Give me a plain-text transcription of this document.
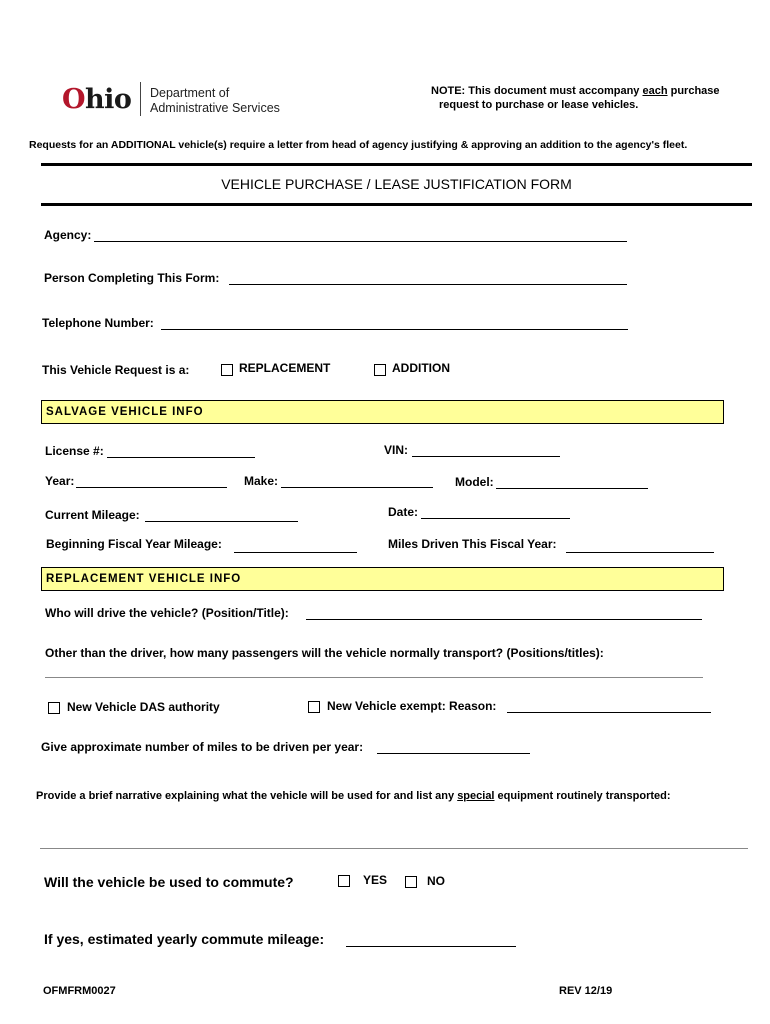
Ohio Department of
Administrative Services
NOTE: This document must accompany each purchase
request to purchase or lease vehicles.
Requests for an ADDITIONAL vehicle(s) require a letter from head of agency justifying & approving an addition to the agency's fleet.
VEHICLE PURCHASE / LEASE JUSTIFICATION FORM
Agency:
Person Completing This Form:
Telephone Number:
This Vehicle Request is a:	REPLACEMENT	ADDITION
SALVAGE VEHICLE INFO
License #:	VIN:
Year:	Make:	Model:
Current Mileage:	Date:
Beginning Fiscal Year Mileage:	Miles Driven This Fiscal Year:
REPLACEMENT VEHICLE INFO
Who will drive the vehicle? (Position/Title):
Other than the driver, how many passengers will the vehicle normally transport? (Positions/titles):
New Vehicle DAS authority	New Vehicle exempt: Reason:
Give approximate number of miles to be driven per year:
Provide a brief narrative explaining what the vehicle will be used for and list any special equipment routinely transported:
Will the vehicle be used to commute?	YES	NO
If yes, estimated yearly commute mileage:
OFMFRM0027	REV 12/19
